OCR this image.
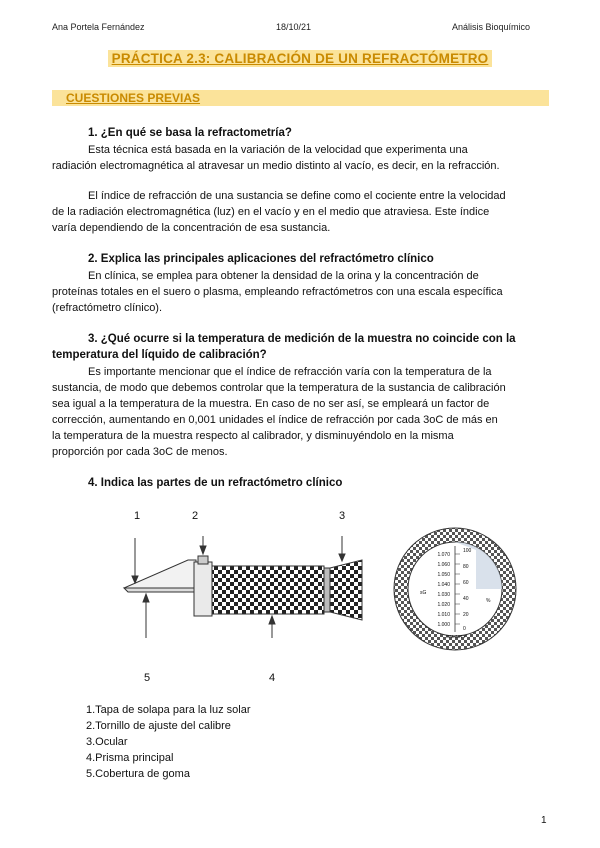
Ana Portela Fernández	18/10/21	Análisis Bioquímico
PRÁCTICA 2.3: CALIBRACIÓN DE UN REFRACTÓMETRO
CUESTIONES PREVIAS
1. ¿En qué se basa la refractometría?
Esta técnica está basada en la variación de la velocidad que experimenta una
radiación electromagnética al atravesar un medio distinto al vacío, es decir, en la refracción.
El índice de refracción de una sustancia se define como el cociente entre la velocidad
de la radiación electromagnética (luz) en el vacío y en el medio que atraviesa. Este índice
varía dependiendo de la concentración de esa sustancia.
2. Explica las principales aplicaciones del refractómetro clínico
En clínica, se emplea para obtener la densidad de la orina y la concentración de
proteínas totales en el suero o plasma, empleando refractómetros con una escala específica
(refractómetro clínico).
3. ¿Qué ocurre si la temperatura de medición de la muestra no coincide con la
temperatura del líquido de calibración?
Es importante mencionar que el índice de refracción varía con la temperatura de la
sustancia, de modo que debemos controlar que la temperatura de la sustancia de calibración
sea igual a la temperatura de la muestra. En caso de no ser así, se empleará un factor de
corrección, aumentando en 0,001 unidades el índice de refracción por cada 3oC de más en
la temperatura de la muestra respecto al calibrador, y disminuyéndolo en la misma
proporción por cada 3oC de menos.
4. Indica las partes de un refractómetro clínico
1	2	3
4
5
1.070
1.060
1.050
1.040
1.030
1.020
1.010
1.000
100
80
60
40
20
0
sG
%
SALINITY
1.Tapa de solapa para la luz solar
2.Tornillo de ajuste del calibre
3.Ocular
4.Prisma principal
5.Cobertura de goma
1
